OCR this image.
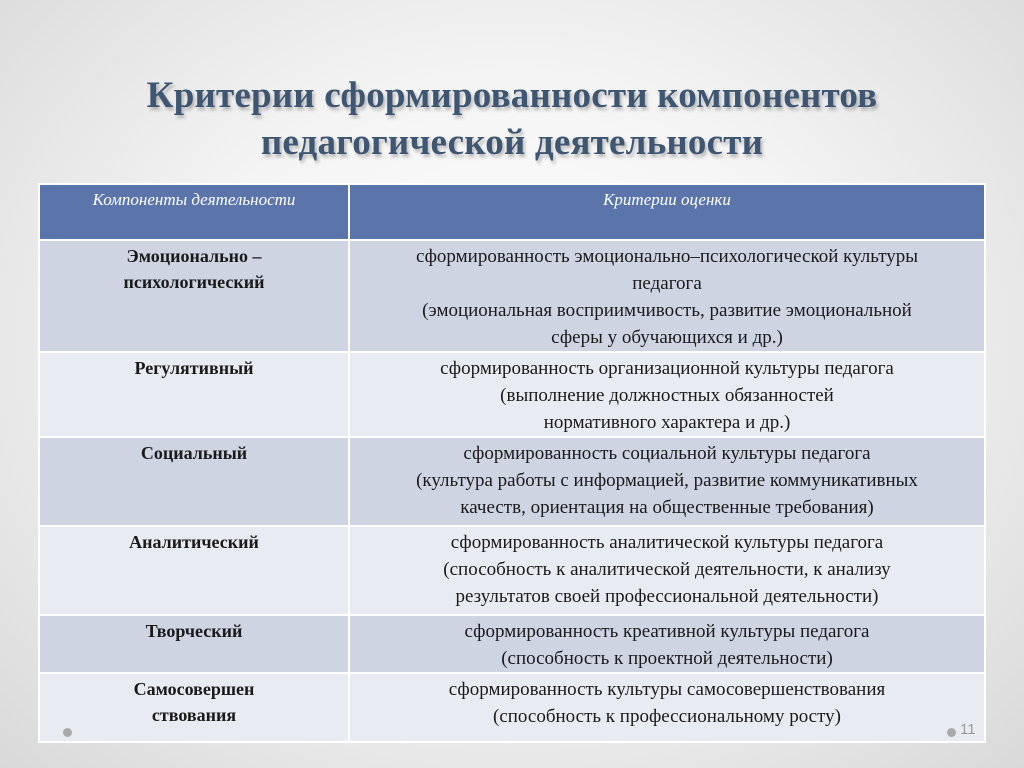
Критерии сформированности компонентов
педагогической деятельности
Компоненты деятельности	Критерии оценки

Эмоционально –
психологический	сформированность эмоционально–психологической культуры
педагога
(эмоциональная восприимчивость, развитие эмоциональной
сферы у обучающихся и др.)

Регулятивный	сформированность организационной культуры педагога
(выполнение должностных обязанностей
нормативного характера и др.)

Социальный	сформированность социальной культуры педагога
(культура работы с информацией, развитие коммуникативных
качеств, ориентация на общественные требования)

Аналитический	сформированность аналитической культуры педагога
(способность к аналитической деятельности, к анализу
результатов своей профессиональной деятельности)

Творческий	сформированность креативной культуры педагога
(способность к проектной деятельности)

Самосовершен
ствования	сформированность культуры самосовершенствования
(способность к профессиональному росту)
11
